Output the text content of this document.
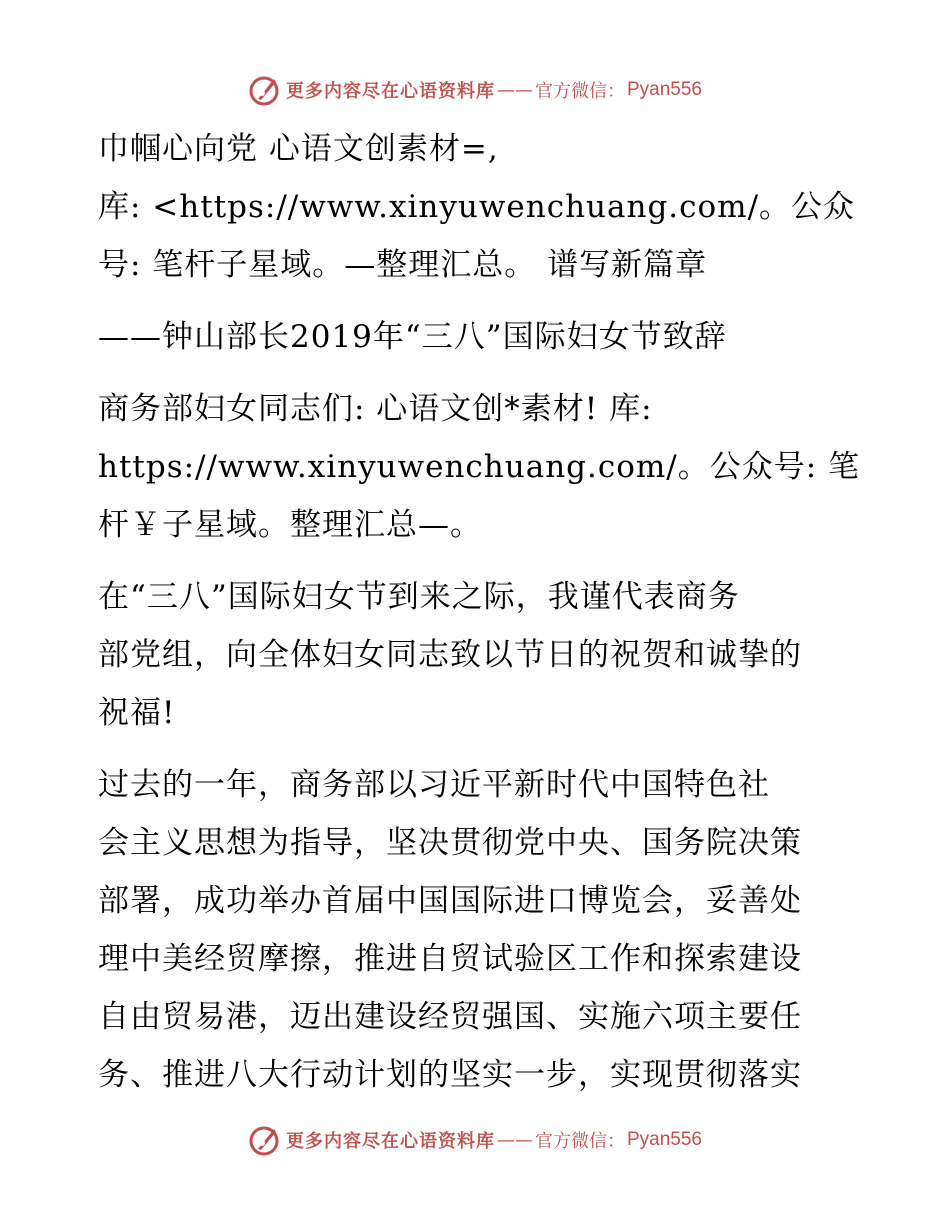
更多内容尽在心语资料库 —— 官方微信： Pyan556
巾帼心向党 心语文创素材=,
库: <https://www.xinyuwenchuang.com/。公众
号: 笔杆子星域。—整理汇总。 谱写新篇章
——钟山部长2019年“三八”国际妇女节致辞
商务部妇女同志们: 心语文创*素材! 库:
https://www.xinyuwenchuang.com/。公众号: 笔
杆￥子星域。整理汇总—。
在“三八”国际妇女节到来之际，我谨代表商务
部党组，向全体妇女同志致以节日的祝贺和诚挚的
祝福!
过去的一年，商务部以习近平新时代中国特色社
会主义思想为指导，坚决贯彻党中央、国务院决策
部署，成功举办首届中国国际进口博览会，妥善处
理中美经贸摩擦，推进自贸试验区工作和探索建设
自由贸易港，迈出建设经贸强国、实施六项主要任
务、推进八大行动计划的坚实一步，实现贯彻落实
更多内容尽在心语资料库 —— 官方微信： Pyan556
